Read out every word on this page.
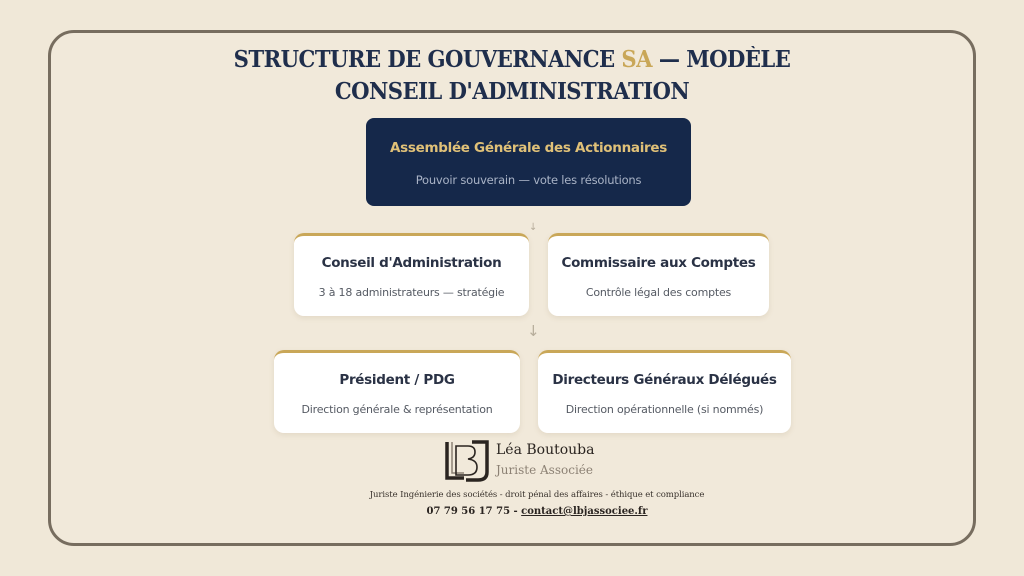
STRUCTURE DE GOUVERNANCE SA — MODÈLE CONSEIL D'ADMINISTRATION
Assemblée Générale des Actionnaires
Pouvoir souverain — vote les résolutions
↓
Conseil d'Administration
3 à 18 administrateurs — stratégie
Commissaire aux Comptes
Contrôle légal des comptes
↓
Président / PDG
Direction générale & représentation
Directeurs Généraux Délégués
Direction opérationnelle (si nommés)
Léa Boutouba
Juriste Associée
Juriste Ingénierie des sociétés - droit pénal des affaires - éthique et compliance
07 79 56 17 75 - contact@lbjassociee.fr
